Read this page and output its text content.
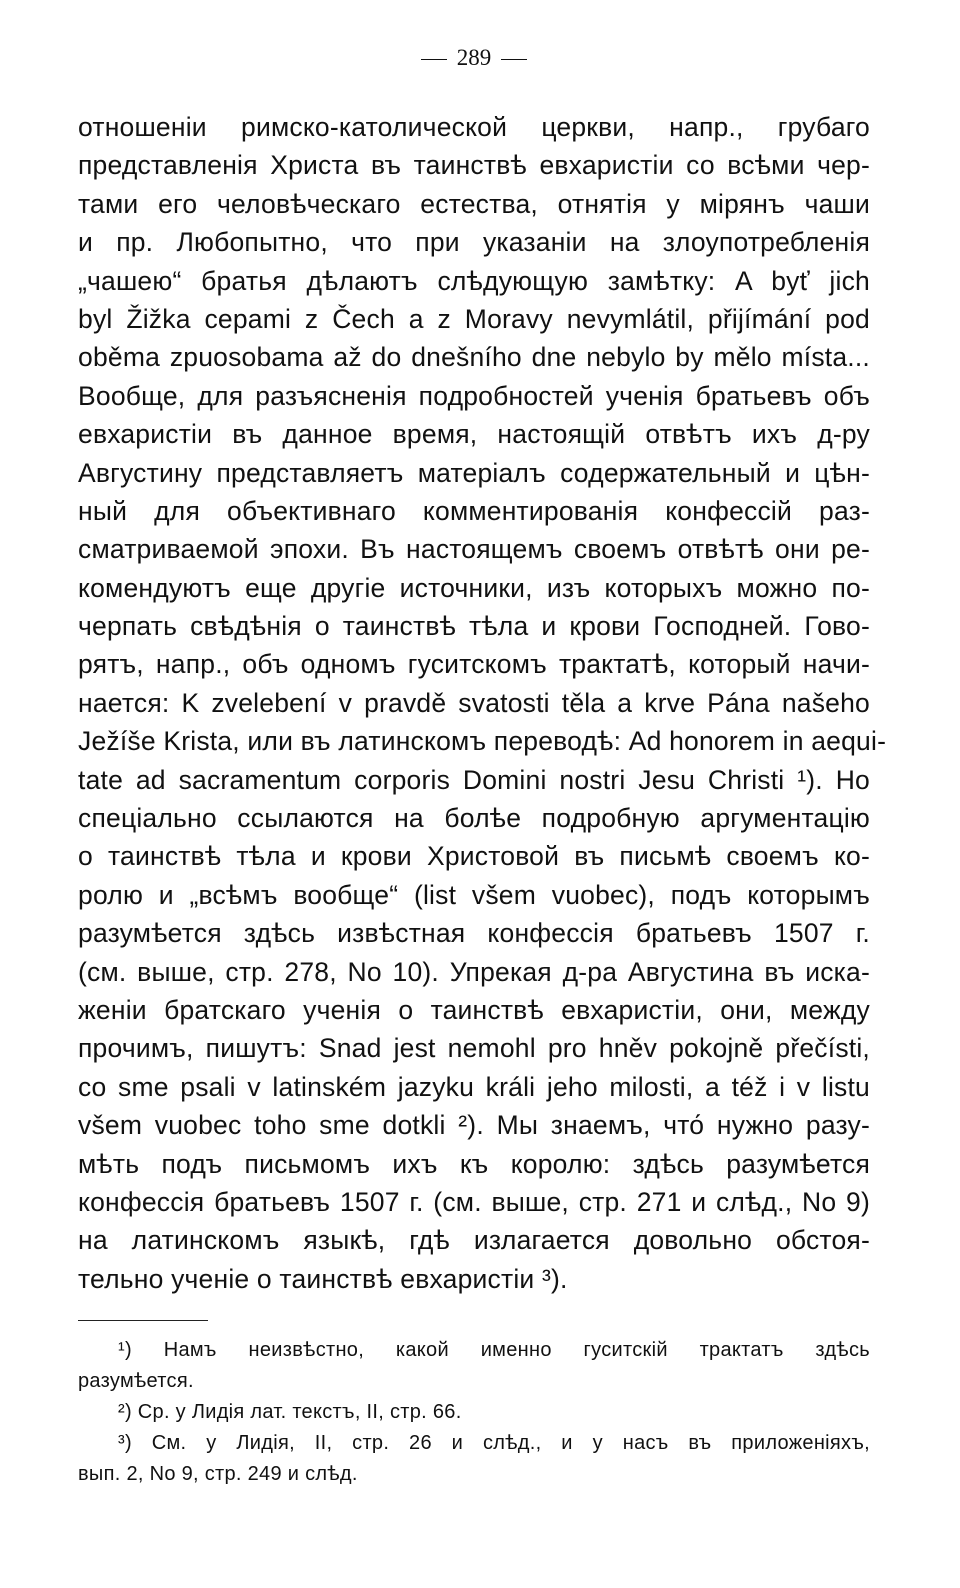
289
отношеніи римско-католической церкви, напр., грубаго
представленія Христа въ таинствѣ евхаристіи со всѣми чер-
тами его человѣческаго естества, отнятія у мірянъ чаши
и пр. Любопытно, что при указаніи на злоупотребленія
„чашею“ братья дѣлаютъ слѣдующую замѣтку: A byť jich
byl Žižka cepami z Čech a z Moravy nevymlátil, přijímání pod
oběma zpuosobama až do dnešního dne nebylo by mělo místa...
Вообще, для разъясненія подробностей ученія братьевъ объ
евхаристіи въ данное время, настоящій отвѣтъ ихъ д-ру
Августину представляетъ матеріалъ содержательный и цѣн-
ный для объективнаго комментированія конфессій раз-
сматриваемой эпохи. Въ настоящемъ своемъ отвѣтѣ они ре-
комендуютъ еще другіе источники, изъ которыхъ можно по-
черпать свѣдѣнія о таинствѣ тѣла и крови Господней. Гово-
рятъ, напр., объ одномъ гуситскомъ трактатѣ, который начи-
нается: K zvelebení v pravdě svatosti těla a krve Pána našeho
Ježíše Krista, или въ латинскомъ переводѣ: Ad honorem in aequi-
tate ad sacramentum corporis Domini nostri Jesu Christi ¹). Но
спеціально ссылаются на болѣе подробную аргументацію
о таинствѣ тѣла и крови Христовой въ письмѣ своемъ ко-
ролю и „всѣмъ вообще“ (list všem vuobec), подъ которымъ
разумѣется здѣсь извѣстная конфессія братьевъ 1507 г.
(см. выше, стр. 278, No 10). Упрекая д-ра Августина въ иска-
женіи братскаго ученія о таинствѣ евхаристіи, они, между
прочимъ, пишутъ: Snad jest nemohl pro hněv pokojně přečísti,
co sme psali v latinském jazyku králi jeho milosti, a též i v listu
všem vuobec toho sme dotkli ²). Мы знаемъ, что́ нужно разу-
мѣть подъ письмомъ ихъ къ королю: здѣсь разумѣется
конфессія братьевъ 1507 г. (см. выше, стр. 271 и слѣд., No 9)
на латинскомъ языкѣ, гдѣ излагается довольно обстоя-
тельно ученіе о таинствѣ евхаристіи ³).
¹) Намъ неизвѣстно, какой именно гуситскій трактатъ здѣсь
разумѣется.
²) Ср. у Лидія лат. текстъ, II, стр. 66.
³) См. у Лидія, II, стр. 26 и слѣд., и у насъ въ приложеніяхъ,
вып. 2, No 9, стр. 249 и слѣд.
